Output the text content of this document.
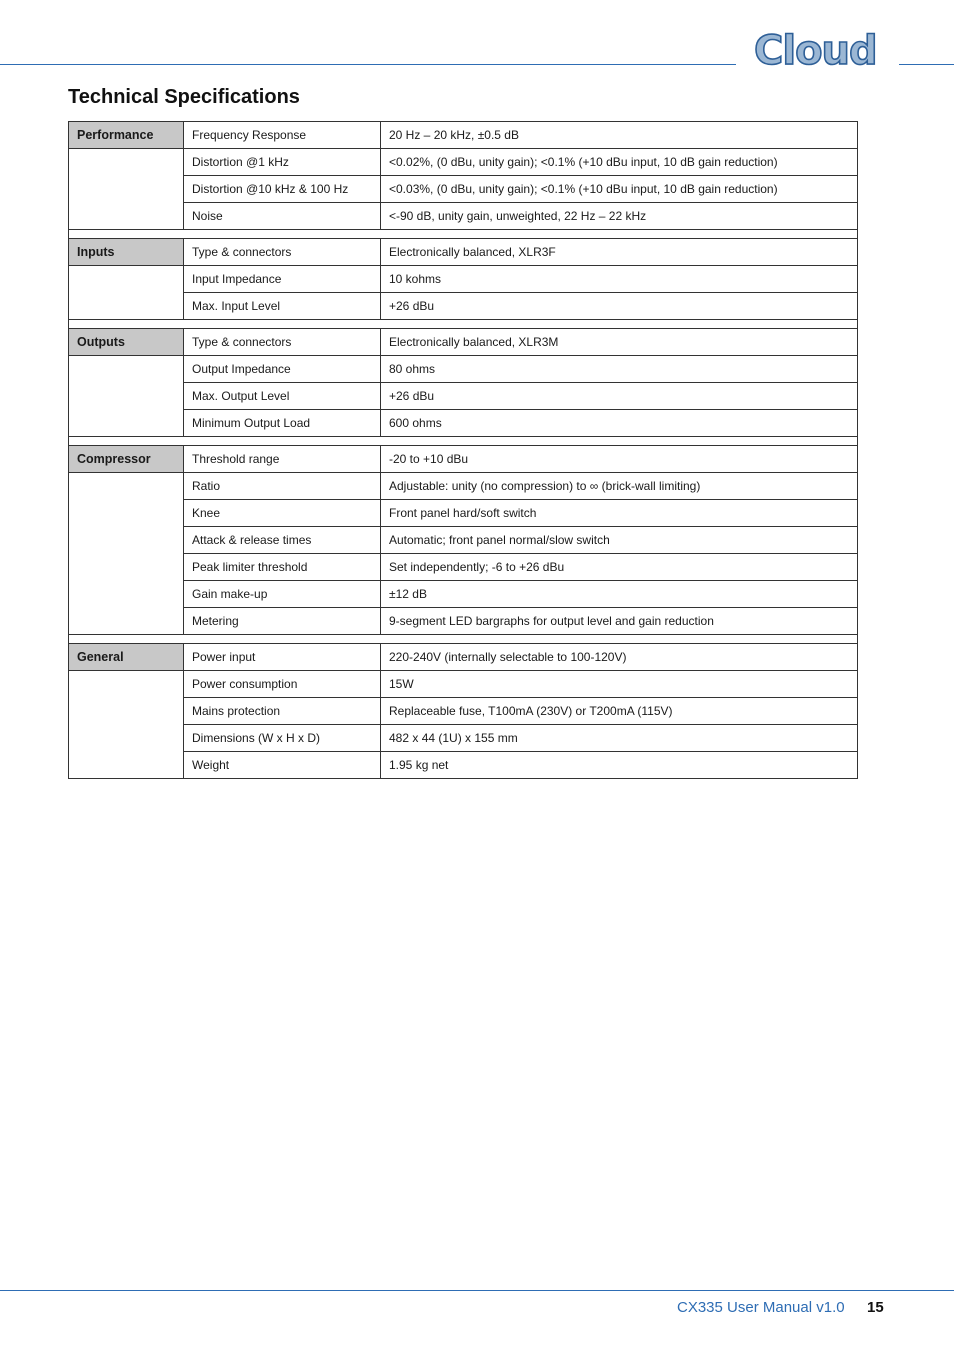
Cloud
Technical Specifications
Performance	Frequency Response	20 Hz – 20 kHz, ±0.5 dB
	Distortion @1 kHz	<0.02%, (0 dBu, unity gain); <0.1% (+10 dBu input, 10 dB gain reduction)
	Distortion @10 kHz & 100 Hz	<0.03%, (0 dBu, unity gain); <0.1% (+10 dBu input, 10 dB gain reduction)
	Noise	<-90 dB, unity gain, unweighted, 22 Hz – 22 kHz

Inputs	Type & connectors	Electronically balanced, XLR3F
	Input Impedance	10 kohms
	Max. Input Level	+26 dBu

Outputs	Type & connectors	Electronically balanced, XLR3M
	Output Impedance	80 ohms
	Max. Output Level	+26 dBu
	Minimum Output Load	600 ohms

Compressor	Threshold range	-20 to +10 dBu
	Ratio	Adjustable: unity (no compression) to ∞ (brick-wall limiting)
	Knee	Front panel hard/soft switch
	Attack & release times	Automatic; front panel normal/slow switch
	Peak limiter threshold	Set independently; -6 to +26 dBu
	Gain make-up	±12 dB
	Metering	9-segment LED bargraphs for output level and gain reduction

General	Power input	220-240V (internally selectable to 100-120V)
	Power consumption	15W
	Mains protection	Replaceable fuse, T100mA (230V) or T200mA (115V)
	Dimensions (W x H x D)	482 x 44 (1U) x 155 mm
	Weight	1.95 kg net
CX335 User Manual v1.0 15
